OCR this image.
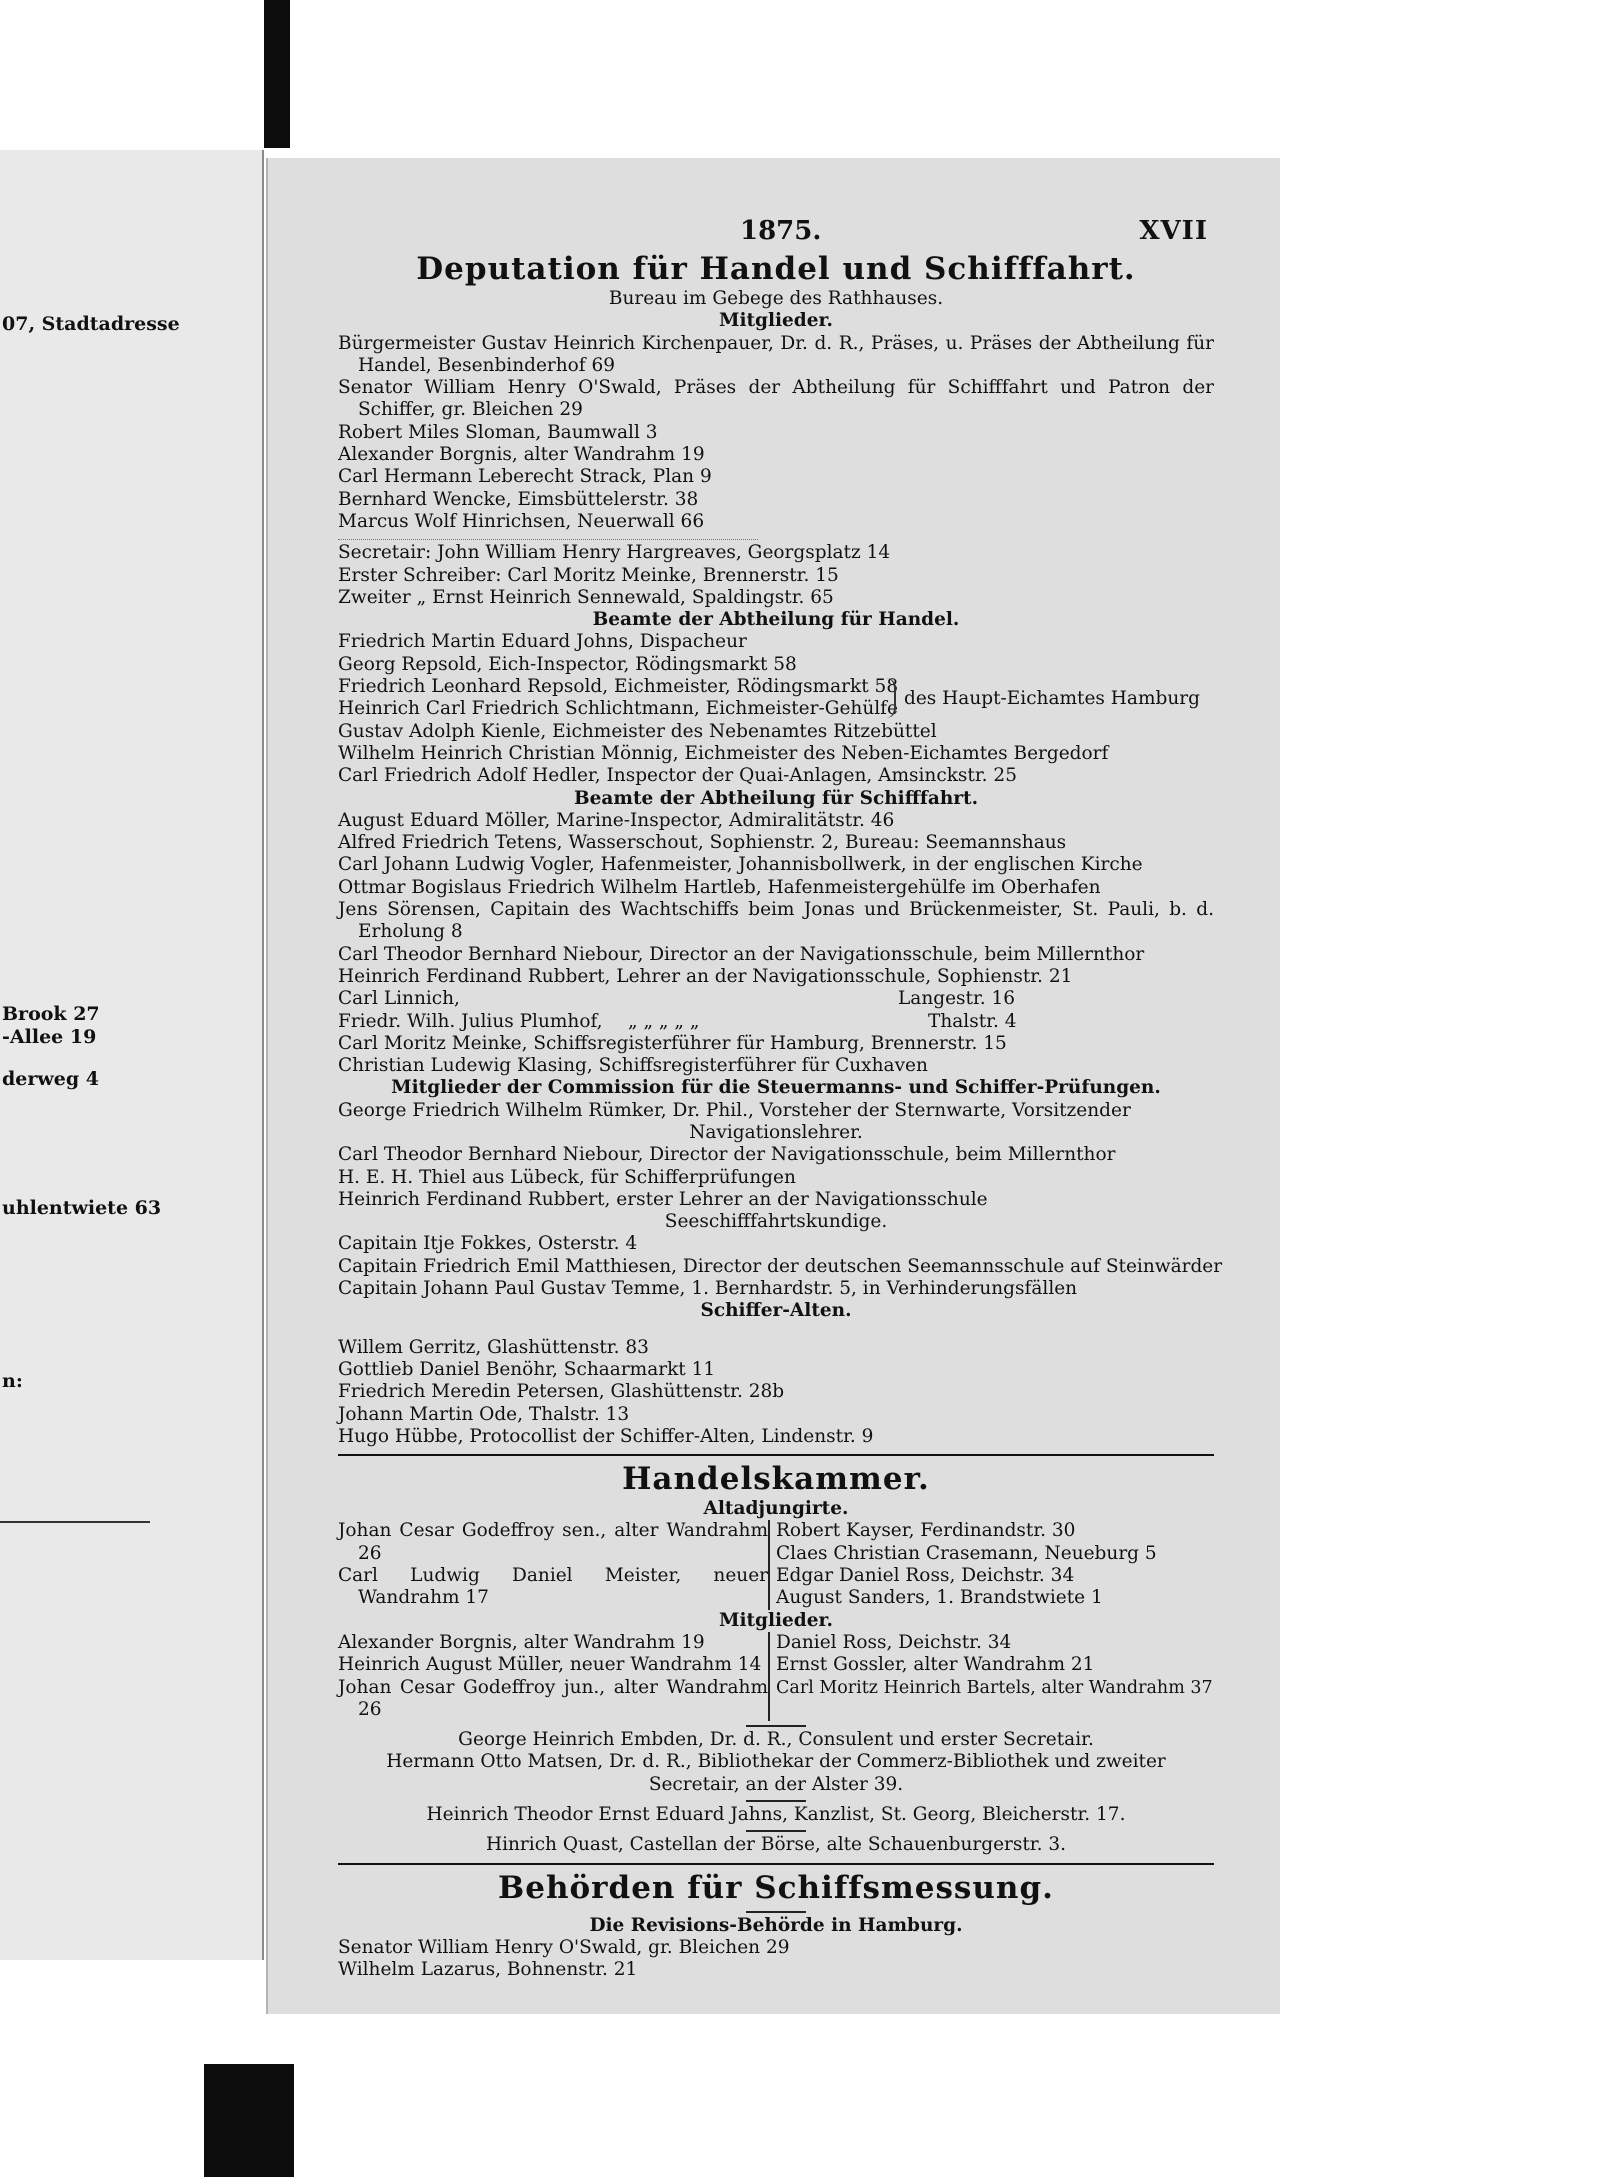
07, Stadtadresse
Brook 27
-Allee 19
derweg 4
uhlentwiete 63
n:
1875.	XVII
Deputation für Handel und Schifffahrt.
Bureau im Gebege des Rathhauses.
Mitglieder.
Bürgermeister Gustav Heinrich Kirchenpauer, Dr. d. R., Präses, u. Präses der Abtheilung für Handel, Besenbinderhof 69
Senator William Henry O'Swald, Präses der Abtheilung für Schifffahrt und Patron der Schiffer, gr. Bleichen 29
Robert Miles Sloman, Baumwall 3
Alexander Borgnis, alter Wandrahm 19
Carl Hermann Leberecht Strack, Plan 9
Bernhard Wencke, Eimsbüttelerstr. 38
Marcus Wolf Hinrichsen, Neuerwall 66
Secretair: John William Henry Hargreaves, Georgsplatz 14
Erster Schreiber: Carl Moritz Meinke, Brennerstr. 15
Zweiter „ Ernst Heinrich Sennewald, Spaldingstr. 65
Beamte der Abtheilung für Handel.
Friedrich Martin Eduard Johns, Dispacheur
Georg Repsold, Eich-Inspector, Rödingsmarkt 58
Friedrich Leonhard Repsold, Eichmeister, Rödingsmarkt 58
Heinrich Carl Friedrich Schlichtmann, Eichmeister-Gehülfe des Haupt-Eichamtes Hamburg
Gustav Adolph Kienle, Eichmeister des Nebenamtes Ritzebüttel
Wilhelm Heinrich Christian Mönnig, Eichmeister des Neben-Eichamtes Bergedorf
Carl Friedrich Adolf Hedler, Inspector der Quai-Anlagen, Amsinckstr. 25
Beamte der Abtheilung für Schifffahrt.
August Eduard Möller, Marine-Inspector, Admiralitätstr. 46
Alfred Friedrich Tetens, Wasserschout, Sophienstr. 2, Bureau: Seemannshaus
Carl Johann Ludwig Vogler, Hafenmeister, Johannisbollwerk, in der englischen Kirche
Ottmar Bogislaus Friedrich Wilhelm Hartleb, Hafenmeistergehülfe im Oberhafen
Jens Sörensen, Capitain des Wachtschiffs beim Jonas und Brückenmeister, St. Pauli, b. d. Erholung 8
Carl Theodor Bernhard Niebour, Director an der Navigationsschule, beim Millernthor
Heinrich Ferdinand Rubbert, Lehrer an der Navigationsschule, Sophienstr. 21
Carl Linnich,	Langestr. 16
Friedr. Wilh. Julius Plumhof, „ „ „ „ „	Thalstr. 4
Carl Moritz Meinke, Schiffsregisterführer für Hamburg, Brennerstr. 15
Christian Ludewig Klasing, Schiffsregisterführer für Cuxhaven
Mitglieder der Commission für die Steuermanns- und Schiffer-Prüfungen.
George Friedrich Wilhelm Rümker, Dr. Phil., Vorsteher der Sternwarte, Vorsitzender
Navigationslehrer.
Carl Theodor Bernhard Niebour, Director der Navigationsschule, beim Millernthor
H. E. H. Thiel aus Lübeck, für Schifferprüfungen
Heinrich Ferdinand Rubbert, erster Lehrer an der Navigationsschule
Seeschifffahrtskundige.
Capitain Itje Fokkes, Osterstr. 4
Capitain Friedrich Emil Matthiesen, Director der deutschen Seemannsschule auf Steinwärder
Capitain Johann Paul Gustav Temme, 1. Bernhardstr. 5, in Verhinderungsfällen
Schiffer-Alten.
Willem Gerritz, Glashüttenstr. 83
Gottlieb Daniel Benöhr, Schaarmarkt 11
Friedrich Meredin Petersen, Glashüttenstr. 28b
Johann Martin Ode, Thalstr. 13
Hugo Hübbe, Protocollist der Schiffer-Alten, Lindenstr. 9
Handelskammer.
Altadjungirte.
Johan Cesar Godeffroy sen., alter Wandrahm 26
Carl Ludwig Daniel Meister, neuer Wandrahm 17
Robert Kayser, Ferdinandstr. 30
Claes Christian Crasemann, Neueburg 5
Edgar Daniel Ross, Deichstr. 34
August Sanders, 1. Brandstwiete 1
Mitglieder.
Alexander Borgnis, alter Wandrahm 19
Heinrich August Müller, neuer Wandrahm 14
Johan Cesar Godeffroy jun., alter Wandrahm 26
Daniel Ross, Deichstr. 34
Ernst Gossler, alter Wandrahm 21
Carl Moritz Heinrich Bartels, alter Wandrahm 37
George Heinrich Embden, Dr. d. R., Consulent und erster Secretair.
Hermann Otto Matsen, Dr. d. R., Bibliothekar der Commerz-Bibliothek und zweiter Secretair, an der Alster 39.
Heinrich Theodor Ernst Eduard Jahns, Kanzlist, St. Georg, Bleicherstr. 17.
Hinrich Quast, Castellan der Börse, alte Schauenburgerstr. 3.
Behörden für Schiffsmessung.
Die Revisions-Behörde in Hamburg.
Senator William Henry O'Swald, gr. Bleichen 29
Wilhelm Lazarus, Bohnenstr. 21
